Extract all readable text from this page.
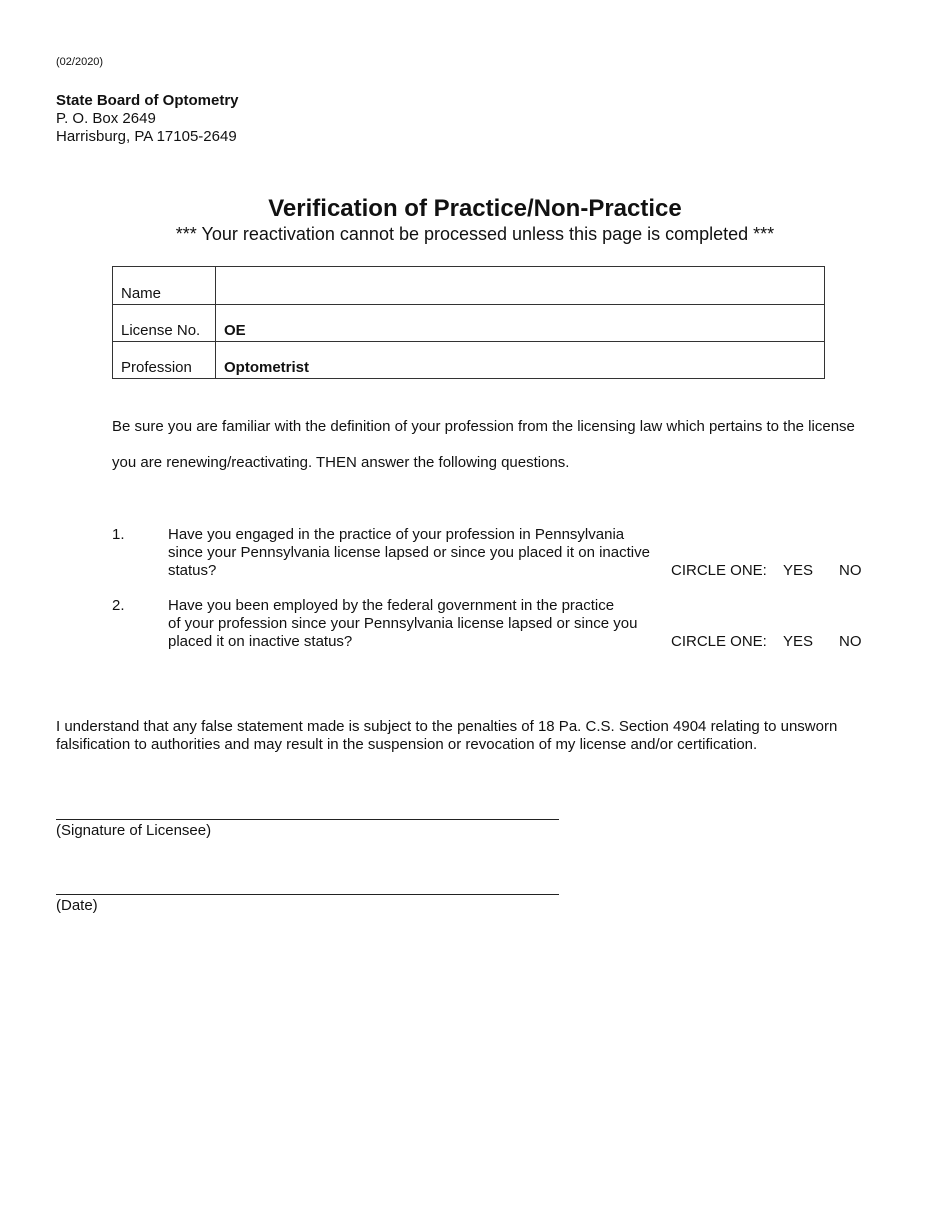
(02/2020)
State Board of Optometry
P. O. Box 2649
Harrisburg, PA 17105-2649
Verification of Practice/Non-Practice
*** Your reactivation cannot be processed unless this page is completed ***
Name
License No. OE
Profession Optometrist

Be sure you are familiar with the definition of your profession from the licensing law which pertains to the license

you are renewing/reactivating. THEN answer the following questions.

1.	Have you engaged in the practice of your profession in Pennsylvania
since your Pennsylvania license lapsed or since you placed it on inactive
status?	CIRCLE ONE: YES NO
2.	Have you been employed by the federal government in the practice
of your profession since your Pennsylvania license lapsed or since you
placed it on inactive status?	CIRCLE ONE: YES NO
I understand that any false statement made is subject to the penalties of 18 Pa. C.S. Section 4904 relating to unsworn
falsification to authorities and may result in the suspension or revocation of my license and/or certification.
(Signature of Licensee)
(Date)
